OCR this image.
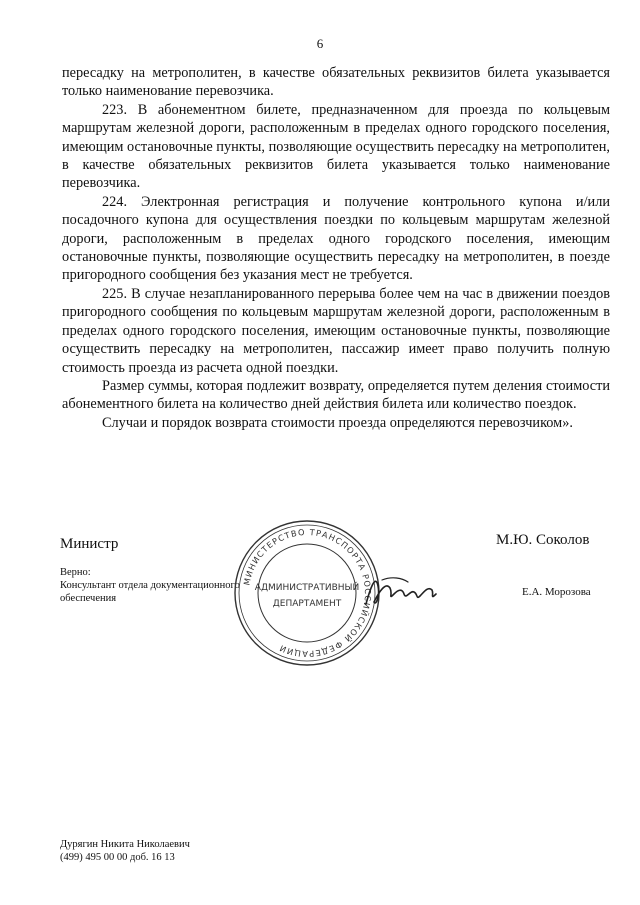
6

пересадку на метрополитен, в качестве обязательных реквизитов билета указывается только наименование перевозчика.

223. В абонементном билете, предназначенном для проезда по кольцевым маршрутам железной дороги, расположенным в пределах одного городского поселения, имеющим остановочные пункты, позволяющие осуществить пересадку на метрополитен, в качестве обязательных реквизитов билета указывается только наименование перевозчика.

224. Электронная регистрация и получение контрольного купона и/или посадочного купона для осуществления поездки по кольцевым маршрутам железной дороги, расположенным в пределах одного городского поселения, имеющим остановочные пункты, позволяющие осуществить пересадку на метрополитен, в поезде пригородного сообщения без указания мест не требуется.

225. В случае незапланированного перерыва более чем на час в движении поездов пригородного сообщения по кольцевым маршрутам железной дороги, расположенным в пределах одного городского поселения, имеющим остановочные пункты, позволяющие осуществить пересадку на метрополитен, пассажир имеет право получить полную стоимость проезда из расчета одной поездки.

Размер суммы, которая подлежит возврату, определяется путем деления стоимости абонементного билета на количество дней действия билета или количество поездок.

Случаи и порядок возврата стоимости проезда определяются перевозчиком».

Министр	М.Ю. Соколов
Верно:
Консультант отдела документационного обеспечения
Е.А. Морозова
МИНИСТЕРСТВО ТРАНСПОРТА РОССИЙСКОЙ ФЕДЕРАЦИИ
АДМИНИСТРАТИВНЫЙ
ДЕПАРТАМЕНТ
Дурягин Никита Николаевич
(499) 495 00 00 доб. 16 13
